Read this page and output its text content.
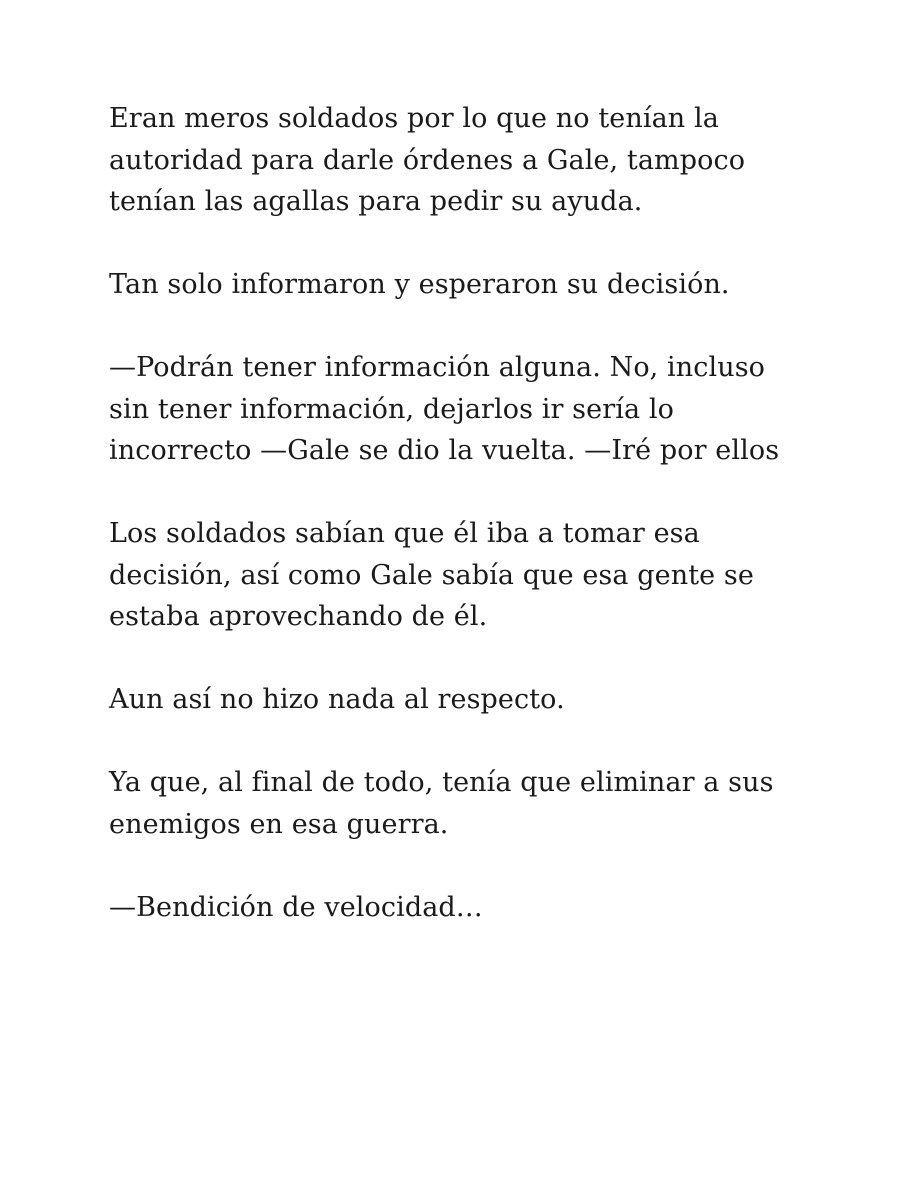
Eran meros soldados por lo que no tenían la
autoridad para darle órdenes a Gale, tampoco
tenían las agallas para pedir su ayuda.

Tan solo informaron y esperaron su decisión.

—Podrán tener información alguna. No, incluso
sin tener información, dejarlos ir sería lo
incorrecto —Gale se dio la vuelta. —Iré por ellos

Los soldados sabían que él iba a tomar esa
decisión, así como Gale sabía que esa gente se
estaba aprovechando de él.

Aun así no hizo nada al respecto.

Ya que, al final de todo, tenía que eliminar a sus
enemigos en esa guerra.

—Bendición de velocidad…
